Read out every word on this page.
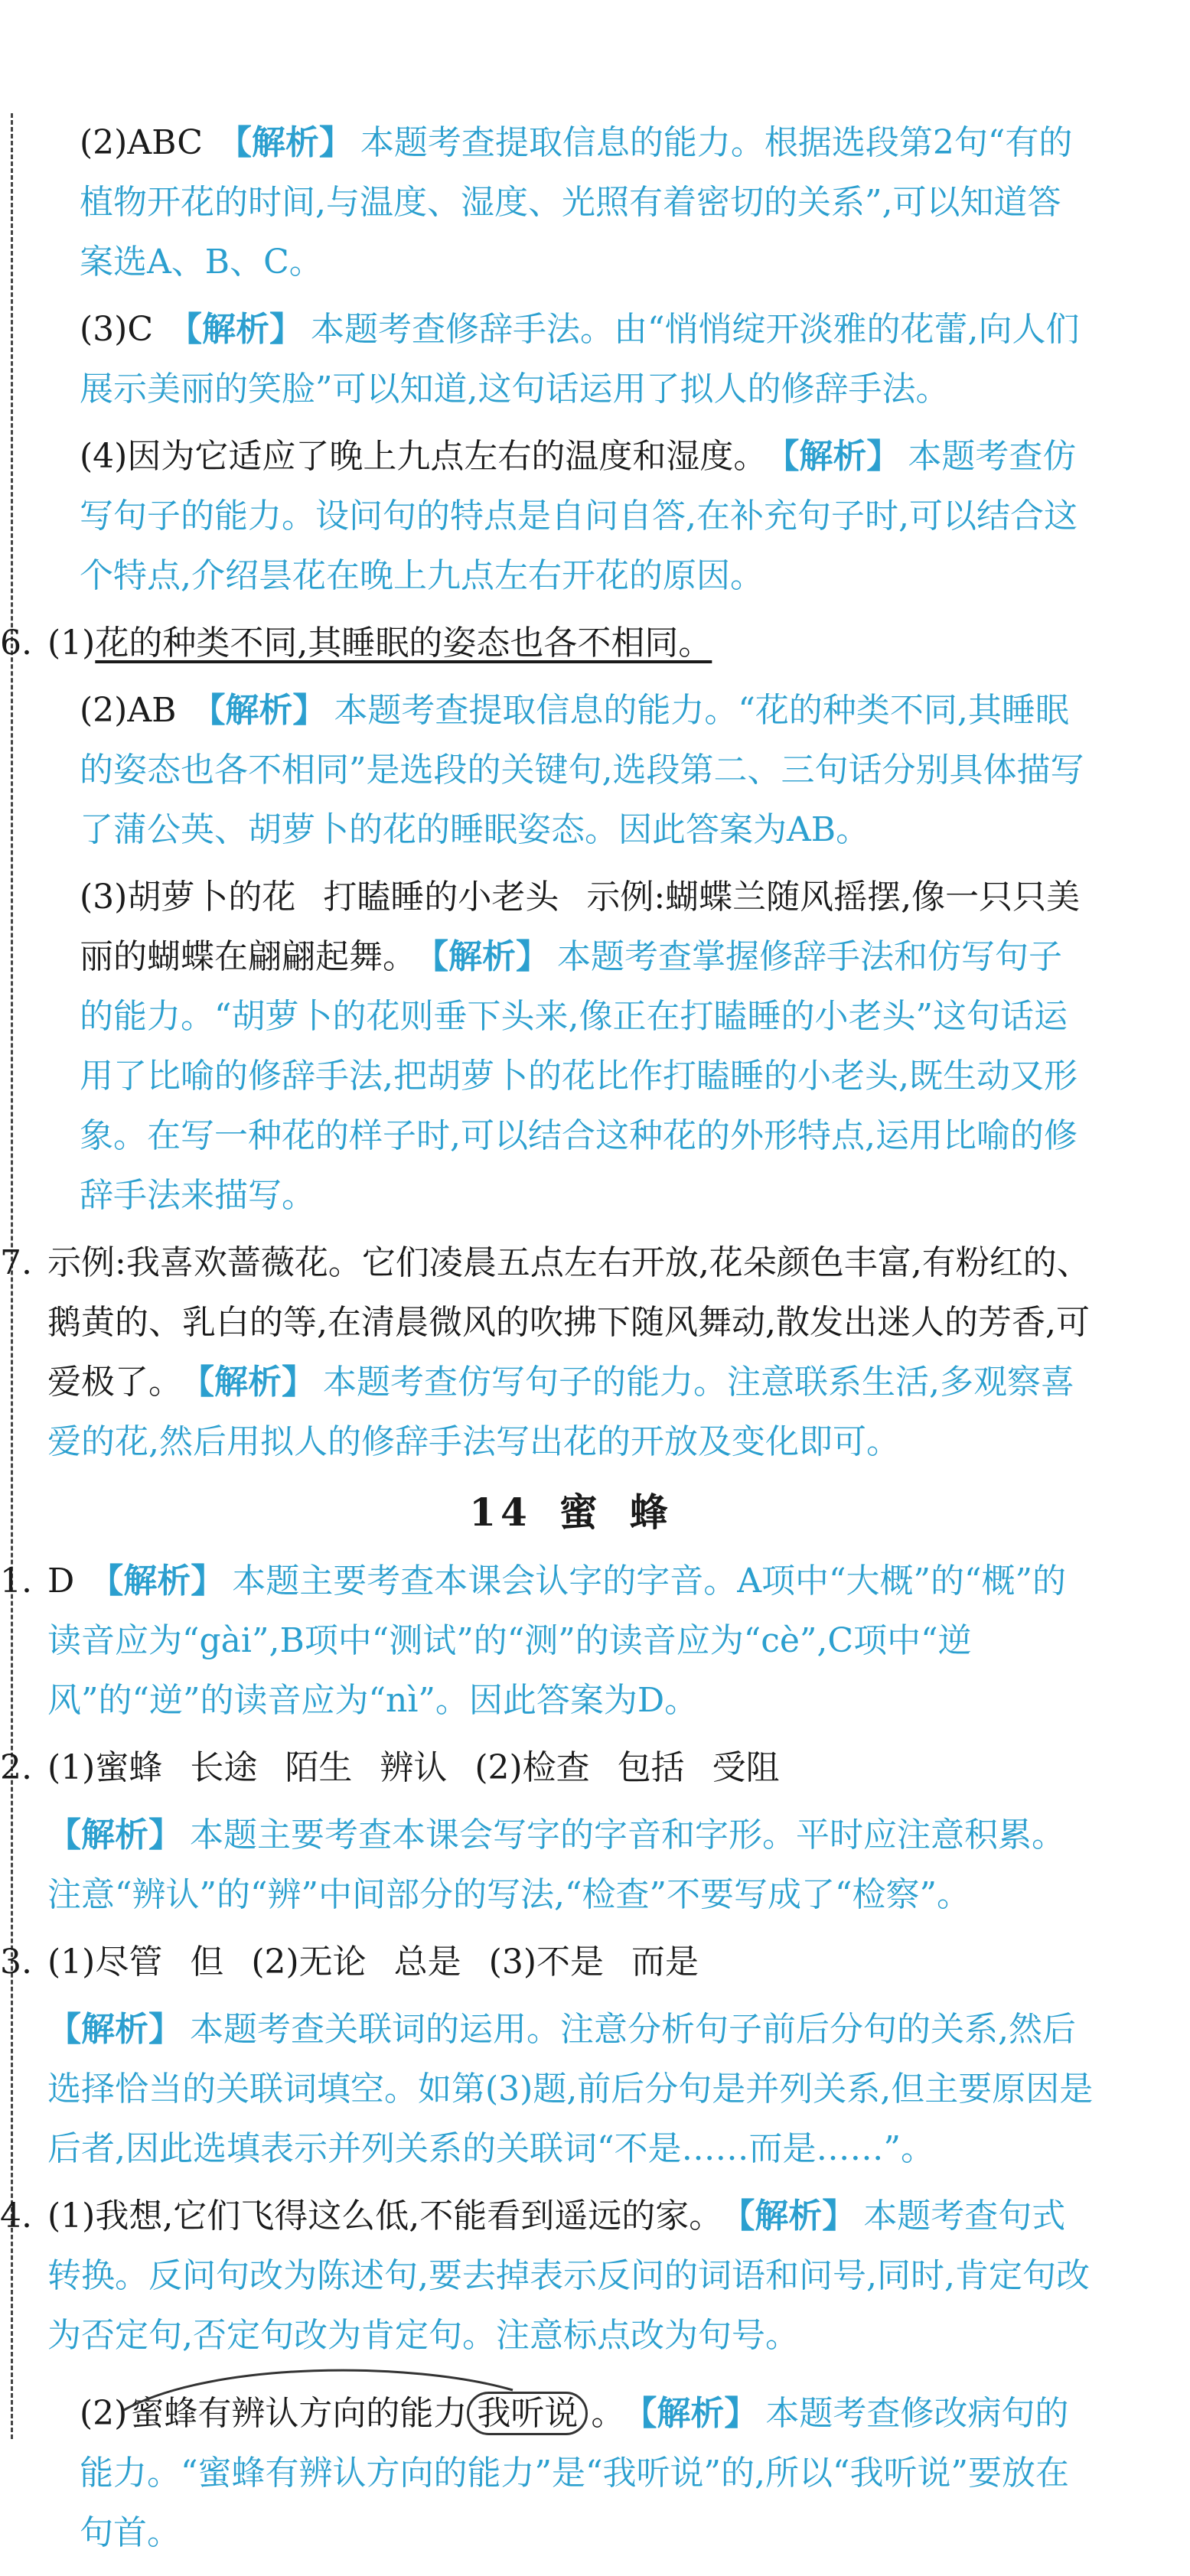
(2)ABC 【解析】 本题考查提取信息的能力。根据选段第2句“有的植物开花的时间,与温度、湿度、光照有着密切的关系”,可以知道答案选A、B、C。

(3)C 【解析】 本题考查修辞手法。由“悄悄绽开淡雅的花蕾,向人们展示美丽的笑脸”可以知道,这句话运用了拟人的修辞手法。

(4)因为它适应了晚上九点左右的温度和湿度。 【解析】 本题考查仿写句子的能力。设问句的特点是自问自答,在补充句子时,可以结合这个特点,介绍昙花在晚上九点左右开花的原因。

6. (1)花的种类不同,其睡眠的姿态也各不相同。

(2)AB 【解析】 本题考查提取信息的能力。“花的种类不同,其睡眠的姿态也各不相同”是选段的关键句,选段第二、三句话分别具体描写了蒲公英、胡萝卜的花的睡眠姿态。因此答案为AB。

(3)胡萝卜的花 打瞌睡的小老头 示例:蝴蝶兰随风摇摆,像一只只美丽的蝴蝶在翩翩起舞。 【解析】 本题考查掌握修辞手法和仿写句子的能力。“胡萝卜的花则垂下头来,像正在打瞌睡的小老头”这句话运用了比喻的修辞手法,把胡萝卜的花比作打瞌睡的小老头,既生动又形象。在写一种花的样子时,可以结合这种花的外形特点,运用比喻的修辞手法来描写。

7. 示例:我喜欢蔷薇花。它们凌晨五点左右开放,花朵颜色丰富,有粉红的、鹅黄的、乳白的等,在清晨微风的吹拂下随风舞动,散发出迷人的芳香,可爱极了。 【解析】 本题考查仿写句子的能力。注意联系生活,多观察喜爱的花,然后用拟人的修辞手法写出花的开放及变化即可。

14 蜜 蜂

1. D 【解析】 本题主要考查本课会认字的字音。A项中“大概”的“概”的读音应为“gài”,B项中“测试”的“测”的读音应为“cè”,C项中“逆风”的“逆”的读音应为“nì”。因此答案为D。

2. (1)蜜蜂 长途 陌生 辨认 (2)检查 包括 受阻

【解析】 本题主要考查本课会写字的字音和字形。平时应注意积累。注意“辨认”的“辨”中间部分的写法,“检查”不要写成了“检察”。

3. (1)尽管 但 (2)无论 总是 (3)不是 而是

【解析】 本题考查关联词的运用。注意分析句子前后分句的关系,然后选择恰当的关联词填空。如第(3)题,前后分句是并列关系,但主要原因是后者,因此选填表示并列关系的关联词“不是……而是……”。

4. (1)我想,它们飞得这么低,不能看到遥远的家。 【解析】 本题考查句式转换。反问句改为陈述句,要去掉表示反问的词语和问号,同时,肯定句改为否定句,否定句改为肯定句。注意标点改为句号。

(2)
蜜蜂有辨认方向的能力 我听说 。 【解析】 本题考查修改病句的能力。“蜜蜂有辨认方向的能力”是“我听说”的,所以“我听说”要放在句首。
